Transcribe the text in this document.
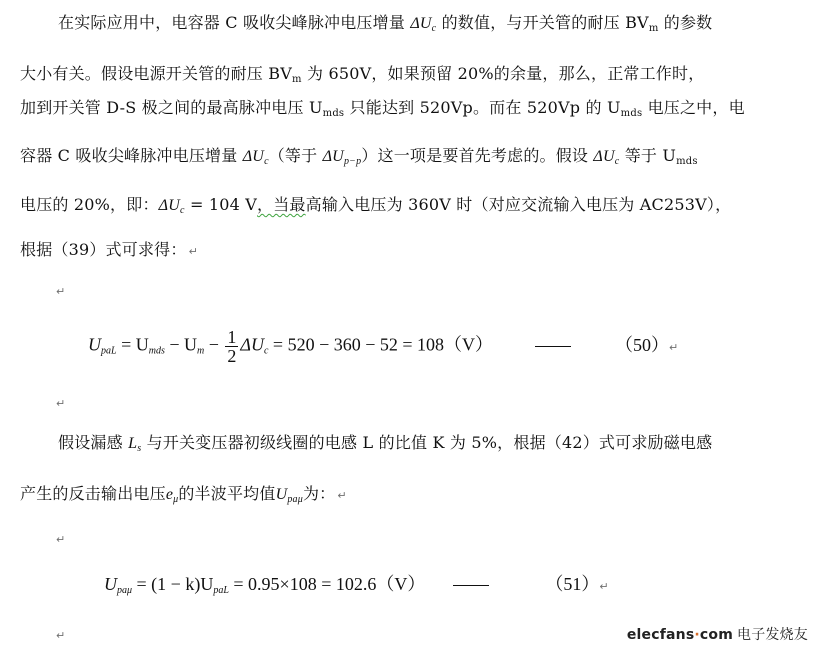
在实际应用中，电容器 C 吸收尖峰脉冲电压增量 $\Delta U_c$ 的数值，与开关管的耐压 $BV_m$ 的参数
大小有关。假设电源开关管的耐压 $BV_m$ 为 650V，如果预留 20%的余量，那么，正常工作时，
加到开关管 D-S 极之间的最高脉冲电压 $U_{mds}$ 只能达到 520Vp。而在 520Vp 的 $U_{mds}$ 电压之中，电
容器 C 吸收尖峰脉冲电压增量 $\Delta U_c$（等于 $\Delta U_{p-p}$）这一项是要首先考虑的。假设 $\Delta U_c$ 等于 $U_{mds}$
电压的 20%，即：$\Delta U_c = 104$ V，当最高输入电压为 360V 时（对应交流输入电压为 AC253V），
根据（39）式可求得： ↵
↵
$U_{paL} = U_{mds} - U_m - \frac{1}{2} \Delta U_c = 520 - 360 - 52 = 108(V)$	（50）↵
↵
假设漏感 $L_s$ 与开关变压器初级线圈的电感 L 的比值 K 为 5%，根据（42）式可求励磁电感
产生的反击输出电压$e_\mu$的半波平均值$U_{pa\mu}$为： ↵
↵
$U_{pa\mu} = (1 - k)U_{paL} = 0.95\times 108 = 102.6(V)$	（51）↵
↵	elecfans·com 电子发烧友
